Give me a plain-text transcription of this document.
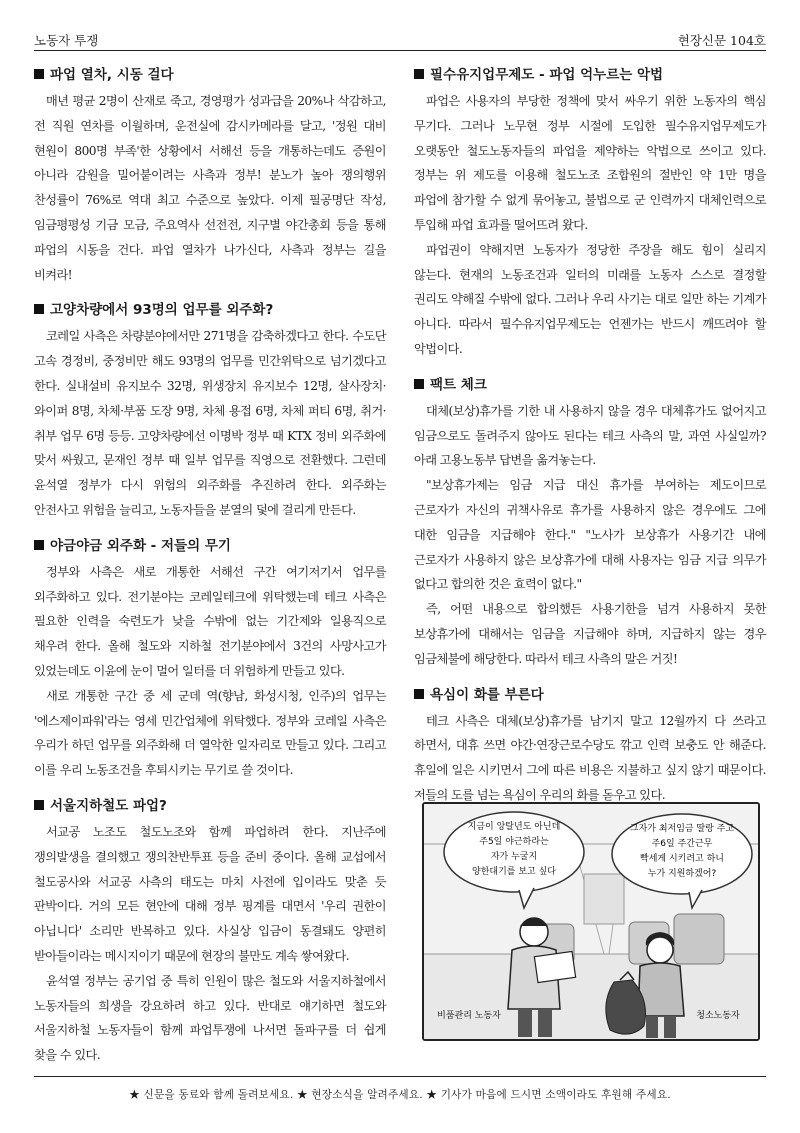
노동자 투쟁	현장신문 104호
파업 열차, 시동 걸다

매년 평균 2명이 산재로 죽고, 경영평가 성과급을 20%나 삭감하고, 전 직원 연차를 이월하며, 운전실에 감시카메라를 달고, '정원 대비 현원이 800명 부족'한 상황에서 서해선 등을 개통하는데도 증원이 아니라 감원을 밀어붙이려는 사측과 정부! 분노가 높아 쟁의행위 찬성률이 76%로 역대 최고 수준으로 높았다. 이제 필공명단 작성, 임금평평성 기금 모금, 주요역사 선전전, 지구별 야간총회 등을 통해 파업의 시동을 건다. 파업 열차가 나가신다, 사측과 정부는 길을 비켜라!

고양차량에서 93명의 업무를 외주화?

코레일 사측은 차량분야에서만 271명을 감축하겠다고 한다. 수도단 고속 경정비, 중정비만 해도 93명의 업무를 민간위탁으로 넘기겠다고 한다. 실내설비 유지보수 32명, 위생장치 유지보수 12명, 살사장치·와이퍼 8명, 차체·부품 도장 9명, 차체 용접 6명, 차체 퍼티 6명, 취거·취부 업무 6명 등등. 고양차량에선 이명박 정부 때 KTX 정비 외주화에 맞서 싸웠고, 문재인 정부 때 일부 업무를 직영으로 전환했다. 그런데 윤석열 정부가 다시 위험의 외주화를 추진하려 한다. 외주화는 안전사고 위험을 늘리고, 노동자들을 분열의 덫에 걸리게 만든다.

야금야금 외주화 - 저들의 무기

정부와 사측은 새로 개통한 서해선 구간 여기저기서 업무를 외주화하고 있다. 전기분야는 코레일테크에 위탁했는데 테크 사측은 필요한 인력을 숙련도가 낮을 수밖에 없는 기간제와 일용직으로 채우려 한다. 올해 철도와 지하철 전기분야에서 3건의 사망사고가 있었는데도 이윤에 눈이 멀어 일터를 더 위험하게 만들고 있다.

새로 개통한 구간 중 세 군데 역(향남, 화성시청, 인주)의 업무는 '에스제이파워'라는 영세 민간업체에 위탁했다. 정부와 코레일 사측은 우리가 하던 업무를 외주화해 더 열악한 일자리로 만들고 있다. 그리고 이를 우리 노동조건을 후퇴시키는 무기로 쓸 것이다.

서울지하철도 파업?

서교공 노조도 철도노조와 함께 파업하려 한다. 지난주에 쟁의발생을 결의했고 쟁의찬반투표 등을 준비 중이다. 올해 교섭에서 철도공사와 서교공 사측의 태도는 마치 사전에 입이라도 맞춘 듯 판박이다. 거의 모든 현안에 대해 정부 핑계를 대면서 '우리 권한이 아닙니다' 소리만 반복하고 있다. 사실상 입금이 동결돼도 양편히 받아들이라는 메시지이기 때문에 현장의 불만도 계속 쌓여왔다.

윤석열 정부는 공기업 중 특히 인원이 많은 철도와 서울지하철에서 노동자들의 희생을 강요하려 하고 있다. 반대로 얘기하면 철도와 서울지하철 노동자들이 함께 파업투쟁에 나서면 돌파구를 더 쉽게 찾을 수 있다.

필수유지업무제도 - 파업 억누르는 악법

파업은 사용자의 부당한 정책에 맞서 싸우기 위한 노동자의 핵심 무기다. 그러나 노무현 정부 시절에 도입한 필수유지업무제도가 오랫동안 철도노동자들의 파업을 제약하는 악법으로 쓰이고 있다. 정부는 위 제도를 이용해 철도노조 조합원의 절반인 약 1만 명을 파업에 참가할 수 없게 묶어놓고, 불법으로 군 인력까지 대체인력으로 투입해 파업 효과를 떨어뜨려 왔다.

파업권이 약해지면 노동자가 정당한 주장을 해도 힘이 실리지 않는다. 현재의 노동조건과 일터의 미래를 노동자 스스로 결정할 권리도 약해질 수밖에 없다. 그러나 우리 사기는 대로 일만 하는 기계가 아니다. 따라서 필수유지업무제도는 언젠가는 반드시 깨뜨려야 할 악법이다.

팩트 체크

대체(보상)휴가를 기한 내 사용하지 않을 경우 대체휴가도 없어지고 임금으로도 돌려주지 않아도 된다는 테크 사측의 말, 과연 사실일까? 아래 고용노동부 답변을 옮겨놓는다.

"보상휴가제는 임금 지급 대신 휴가를 부여하는 제도이므로 근로자가 자신의 귀책사유로 휴가를 사용하지 않은 경우에도 그에 대한 임금을 지급해야 한다." "노사가 보상휴가 사용기간 내에 근로자가 사용하지 않은 보상휴가에 대해 사용자는 임금 지급 의무가 없다고 합의한 것은 효력이 없다."

즉, 어떤 내용으로 합의했든 사용기한을 넘겨 사용하지 못한 보상휴가에 대해서는 임금을 지급해야 하며, 지급하지 않는 경우 임금체불에 해당한다. 따라서 테크 사측의 말은 거짓!

욕심이 화를 부른다

테크 사측은 대체(보상)휴가를 남기지 말고 12월까지 다 쓰라고 하면서, 대휴 쓰면 야간·연장근로수당도 깎고 인력 보충도 안 해준다. 휴일에 일은 시키면서 그에 따른 비용은 지불하고 싶지 않기 때문이다. 저들의 도를 넘는 욕심이 우리의 화를 돋우고 있다.

지금이 앙탈년도 아닌데
주5일 야근하라는
자가 누굴지
양한대기를 보고 싶다
그자가 최저임금 딸랑 주고
주6일 주간근무
빡세게 시키려고 하니
누가 지원하겠어?
비품관리 노동자	청소노동자
★ 신문을 동료와 함께 돌려보세요. ★ 현장소식을 알려주세요. ★ 기사가 마음에 드시면 소액이라도 후원해 주세요.
